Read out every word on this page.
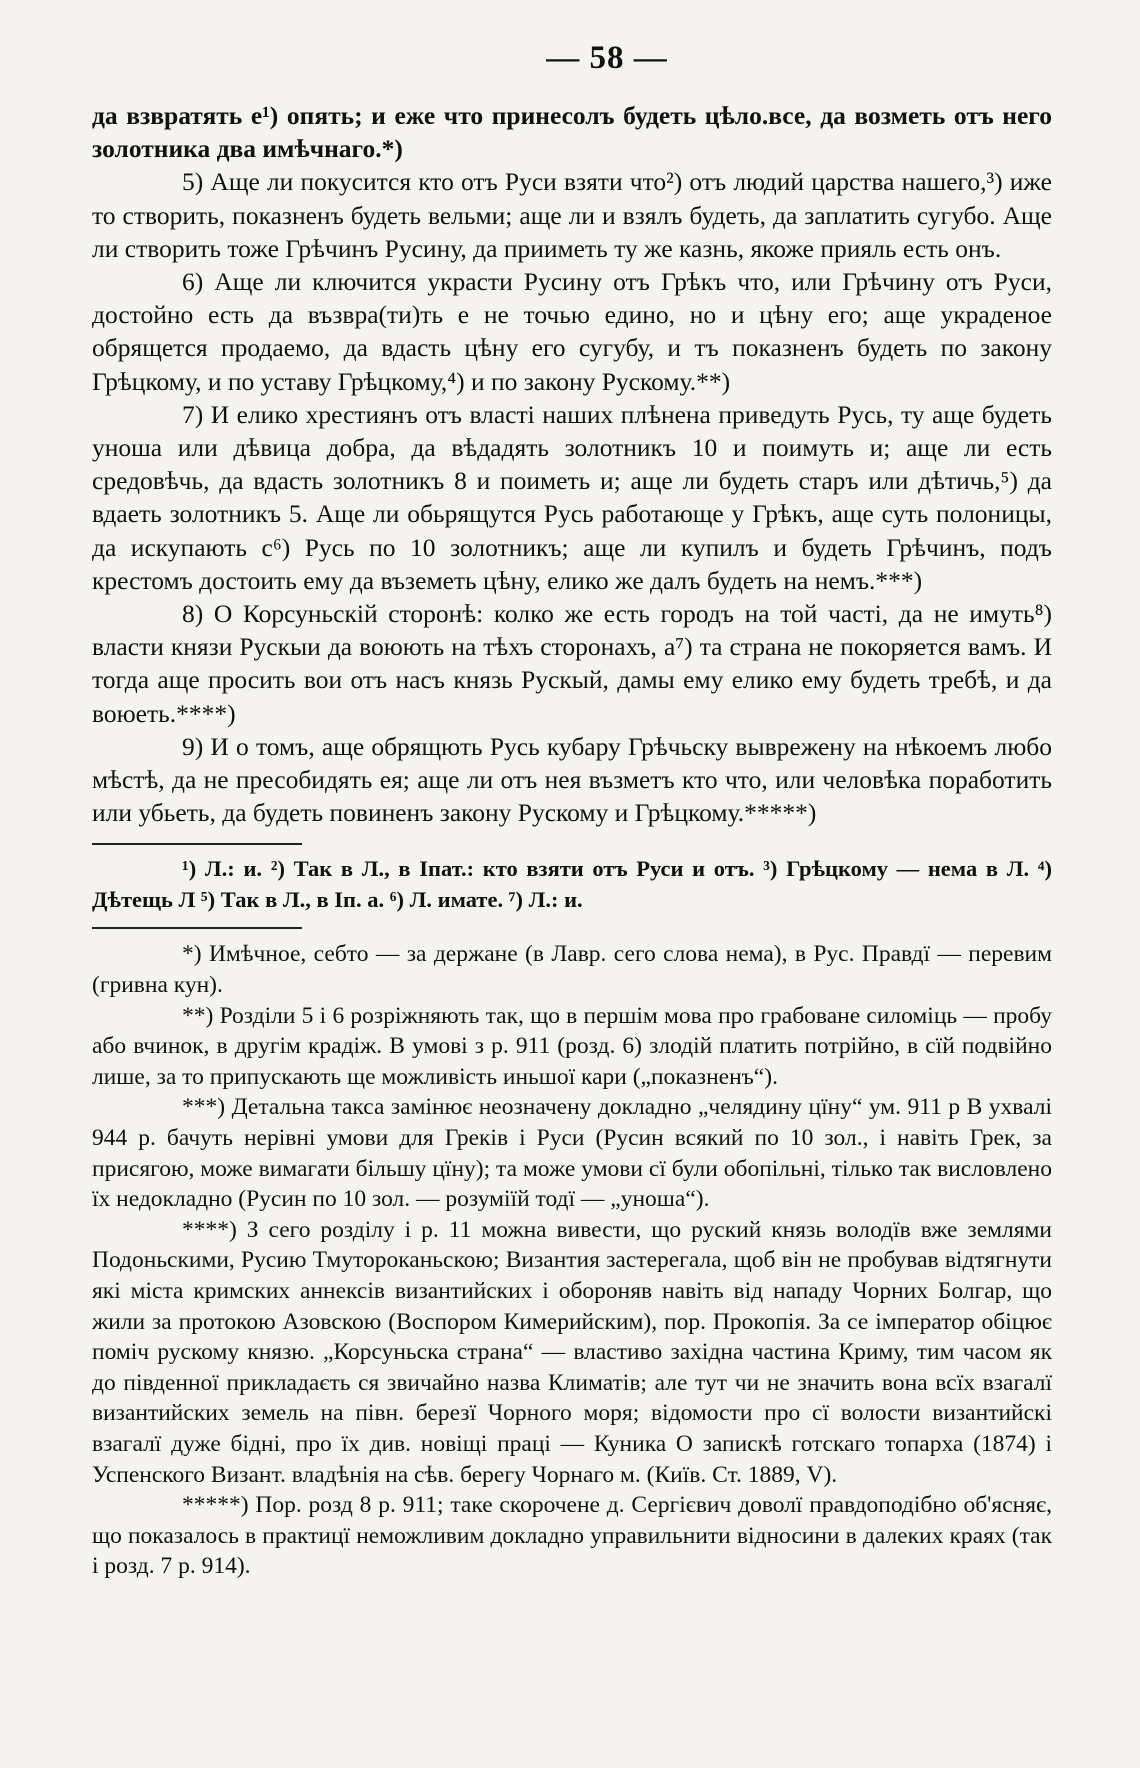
— 58 —

да взвратять е¹) опять; и еже что принесолъ будеть цѣло.все, да возметь отъ него золотника два имѣчнаго.*)

5) Аще ли покусится кто отъ Руси взяти что²) отъ людий царства нашего,³) иже то створить, показненъ будеть вельми; аще ли и взялъ будеть, да заплатить сугубо. Аще ли створить тоже Грѣчинъ Русину, да прииметь ту же казнь, якоже прияль есть онъ.

6) Аще ли ключится украсти Русину отъ Грѣкъ что, или Грѣчину отъ Руси, достойно есть да възвра(ти)ть е не точью едино, но и цѣну его; аще украденое обрящется продаемо, да вдасть цѣну его сугубу, и тъ показненъ будеть по закону Грѣцкому, и по уставу Грѣцкому,⁴) и по закону Рускому.**)

7) И елико хрестиянъ отъ власті наших плѣнена приведуть Русь, ту аще будеть уноша или дѣвица добра, да вѣдадять золотникъ 10 и поимуть и; аще ли есть средовѣчь, да вдасть золотникъ 8 и поиметь и; аще ли будеть старъ или дѣтичь,⁵) да вдаеть золотникъ 5. Аще ли обьрящутся Русь работающе у Грѣкъ, аще суть полоницы, да искупають с⁶) Русь по 10 золотникъ; аще ли купилъ и будеть Грѣчинъ, подъ крестомъ достоить ему да въземеть цѣну, елико же далъ будеть на немъ.***)

8) О Корсуньскій сторонѣ: колко же есть городъ на той часті, да не имуть⁸) власти князи Рускыи да воюють на тѣхъ сторонахъ, а⁷) та страна не покоряется вамъ. И тогда аще просить вои отъ насъ князь Рускый, дамы ему елико ему будеть требѣ, и да воюеть.****)

9) И о томъ, аще обрящють Русь кубару Грѣчьску выврежену на нѣкоемъ любо мѣстѣ, да не пресобидять ея; аще ли отъ нея възметъ кто что, или человѣка поработить или убьеть, да будеть повиненъ закону Рускому и Грѣцкому.*****)

¹) Л.: и. ²) Так в Л., в Іпат.: кто взяти отъ Руси и отъ. ³) Грѣцкому — нема в Л. ⁴) Дѣтещь Л ⁵) Так в Л., в Іп. а. ⁶) Л. имате. ⁷) Л.: и.

*) Имѣчное, себто — за держане (в Лавр. сего слова нема), в Рус. Правдї — перевим (гривна кун).

**) Розділи 5 і 6 розріжняють так, що в першім мова про грабоване силоміць — пробу або вчинок, в другім крадіж. В умові з р. 911 (розд. 6) злодій платить потрійно, в сїй подвійно лише, за то припускають ще можливість иньшої кари („показненъ“).

***) Детальна такса замінює неозначену докладно „челядину цїну“ ум. 911 р В ухвалі 944 р. бачуть нерівні умови для Греків і Руси (Русин всякий по 10 зол., і навіть Грек, за присягою, може вимагати більшу цїну); та може умови сї були обопільні, тілько так висловлено їх недокладно (Русин по 10 зол. — розуміїй тодї — „уноша“).

****) З сего розділу і р. 11 можна вивести, що руский князь володїв вже землями Подоньскими, Русию Тмутороканьскою; Византия застерегала, щоб він не пробував відтягнути які міста кримских аннексів византийских і обороняв навіть від нападу Чорних Болгар, що жили за протокою Азовскою (Воспором Кимерийским), пор. Прокопія. За се імператор обіцює поміч рускому князю. „Корсуньска страна“ — властиво західна частина Криму, тим часом як до південної прикладаєть ся звичайно назва Климатів; але тут чи не значить вона всїх взагалї византийских земель на півн. березї Чорного моря; відомости про сї волости византийскі взагалї дуже бідні, про їх див. новіщі праці — Куника О запискѣ готскаго топарха (1874) і Успенского Визант. владѣнія на сѣв. берегу Чорнаго м. (Київ. Ст. 1889, V).

*****) Пор. розд 8 р. 911; таке скорочене д. Сергієвич доволї правдоподібно об'ясняє, що показалось в практицї неможливим докладно управильнити відносини в далеких краях (так і розд. 7 р. 914).
